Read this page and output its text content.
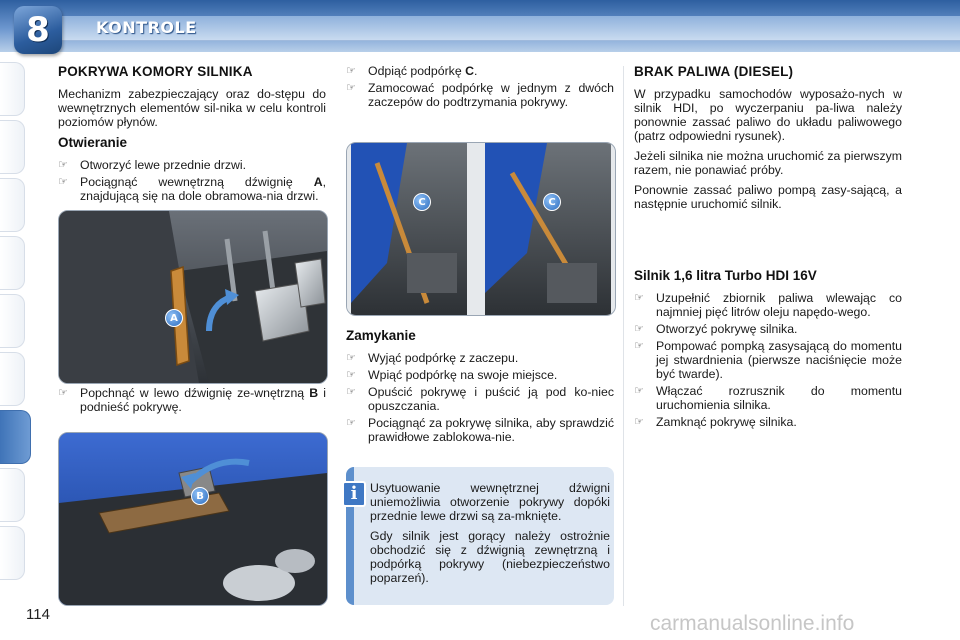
8	KONTROLE
POKRYWA KOMORY SILNIKA

Mechanizm zabezpieczający oraz do-stępu do wewnętrznych elementów sil-nika w celu kontroli poziomów płynów.

Otwieranie
☞ Otworzyć lewe przednie drzwi.
☞ Pociągnąć wewnętrzną dźwignię A, znajdującą się na dole obramowa-nia drzwi.
A
☞ Popchnąć w lewo dźwignię ze-wnętrzną B i podnieść pokrywę.
B
☞ Odpiąć podpórkę C.
☞ Zamocować podpórkę w jednym z dwóch zaczepów do podtrzymania pokrywy.
C	C
Zamykanie
☞ Wyjąć podpórkę z zaczepu.
☞ Wpiąć podpórkę na swoje miejsce.
☞ Opuścić pokrywę i puścić ją pod ko-niec opuszczania.
☞ Pociągnąć za pokrywę silnika, aby sprawdzić prawidłowe zablokowa-nie.
i	Usytuowanie wewnętrznej dźwigni uniemożliwia otworzenie pokrywy dopóki przednie lewe drzwi są za-mknięte.

Gdy silnik jest gorący należy ostrożnie obchodzić się z dźwignią zewnętrzną i podpórką pokrywy (niebezpieczeństwo poparzeń).

BRAK PALIWA (DIESEL)

W przypadku samochodów wyposażo-nych w silnik HDI, po wyczerpaniu pa-liwa należy ponownie zassać paliwo do układu paliwowego (patrz odpowiedni rysunek).

Jeżeli silnika nie można uruchomić za pierwszym razem, nie ponawiać próby.

Ponownie zassać paliwo pompą zasy-sającą, a następnie uruchomić silnik.

Silnik 1,6 litra Turbo HDI 16V
☞ Uzupełnić zbiornik paliwa wlewając co najmniej pięć litrów oleju napędo-wego.
☞ Otworzyć pokrywę silnika.
☞ Pompować pompką zasysającą do momentu jej stwardnienia (pierwsze naciśnięcie może być twarde).
☞ Włączać rozrusznik do momentu uruchomienia silnika.
☞ Zamknąć pokrywę silnika.
114	carmanualsonline.info
